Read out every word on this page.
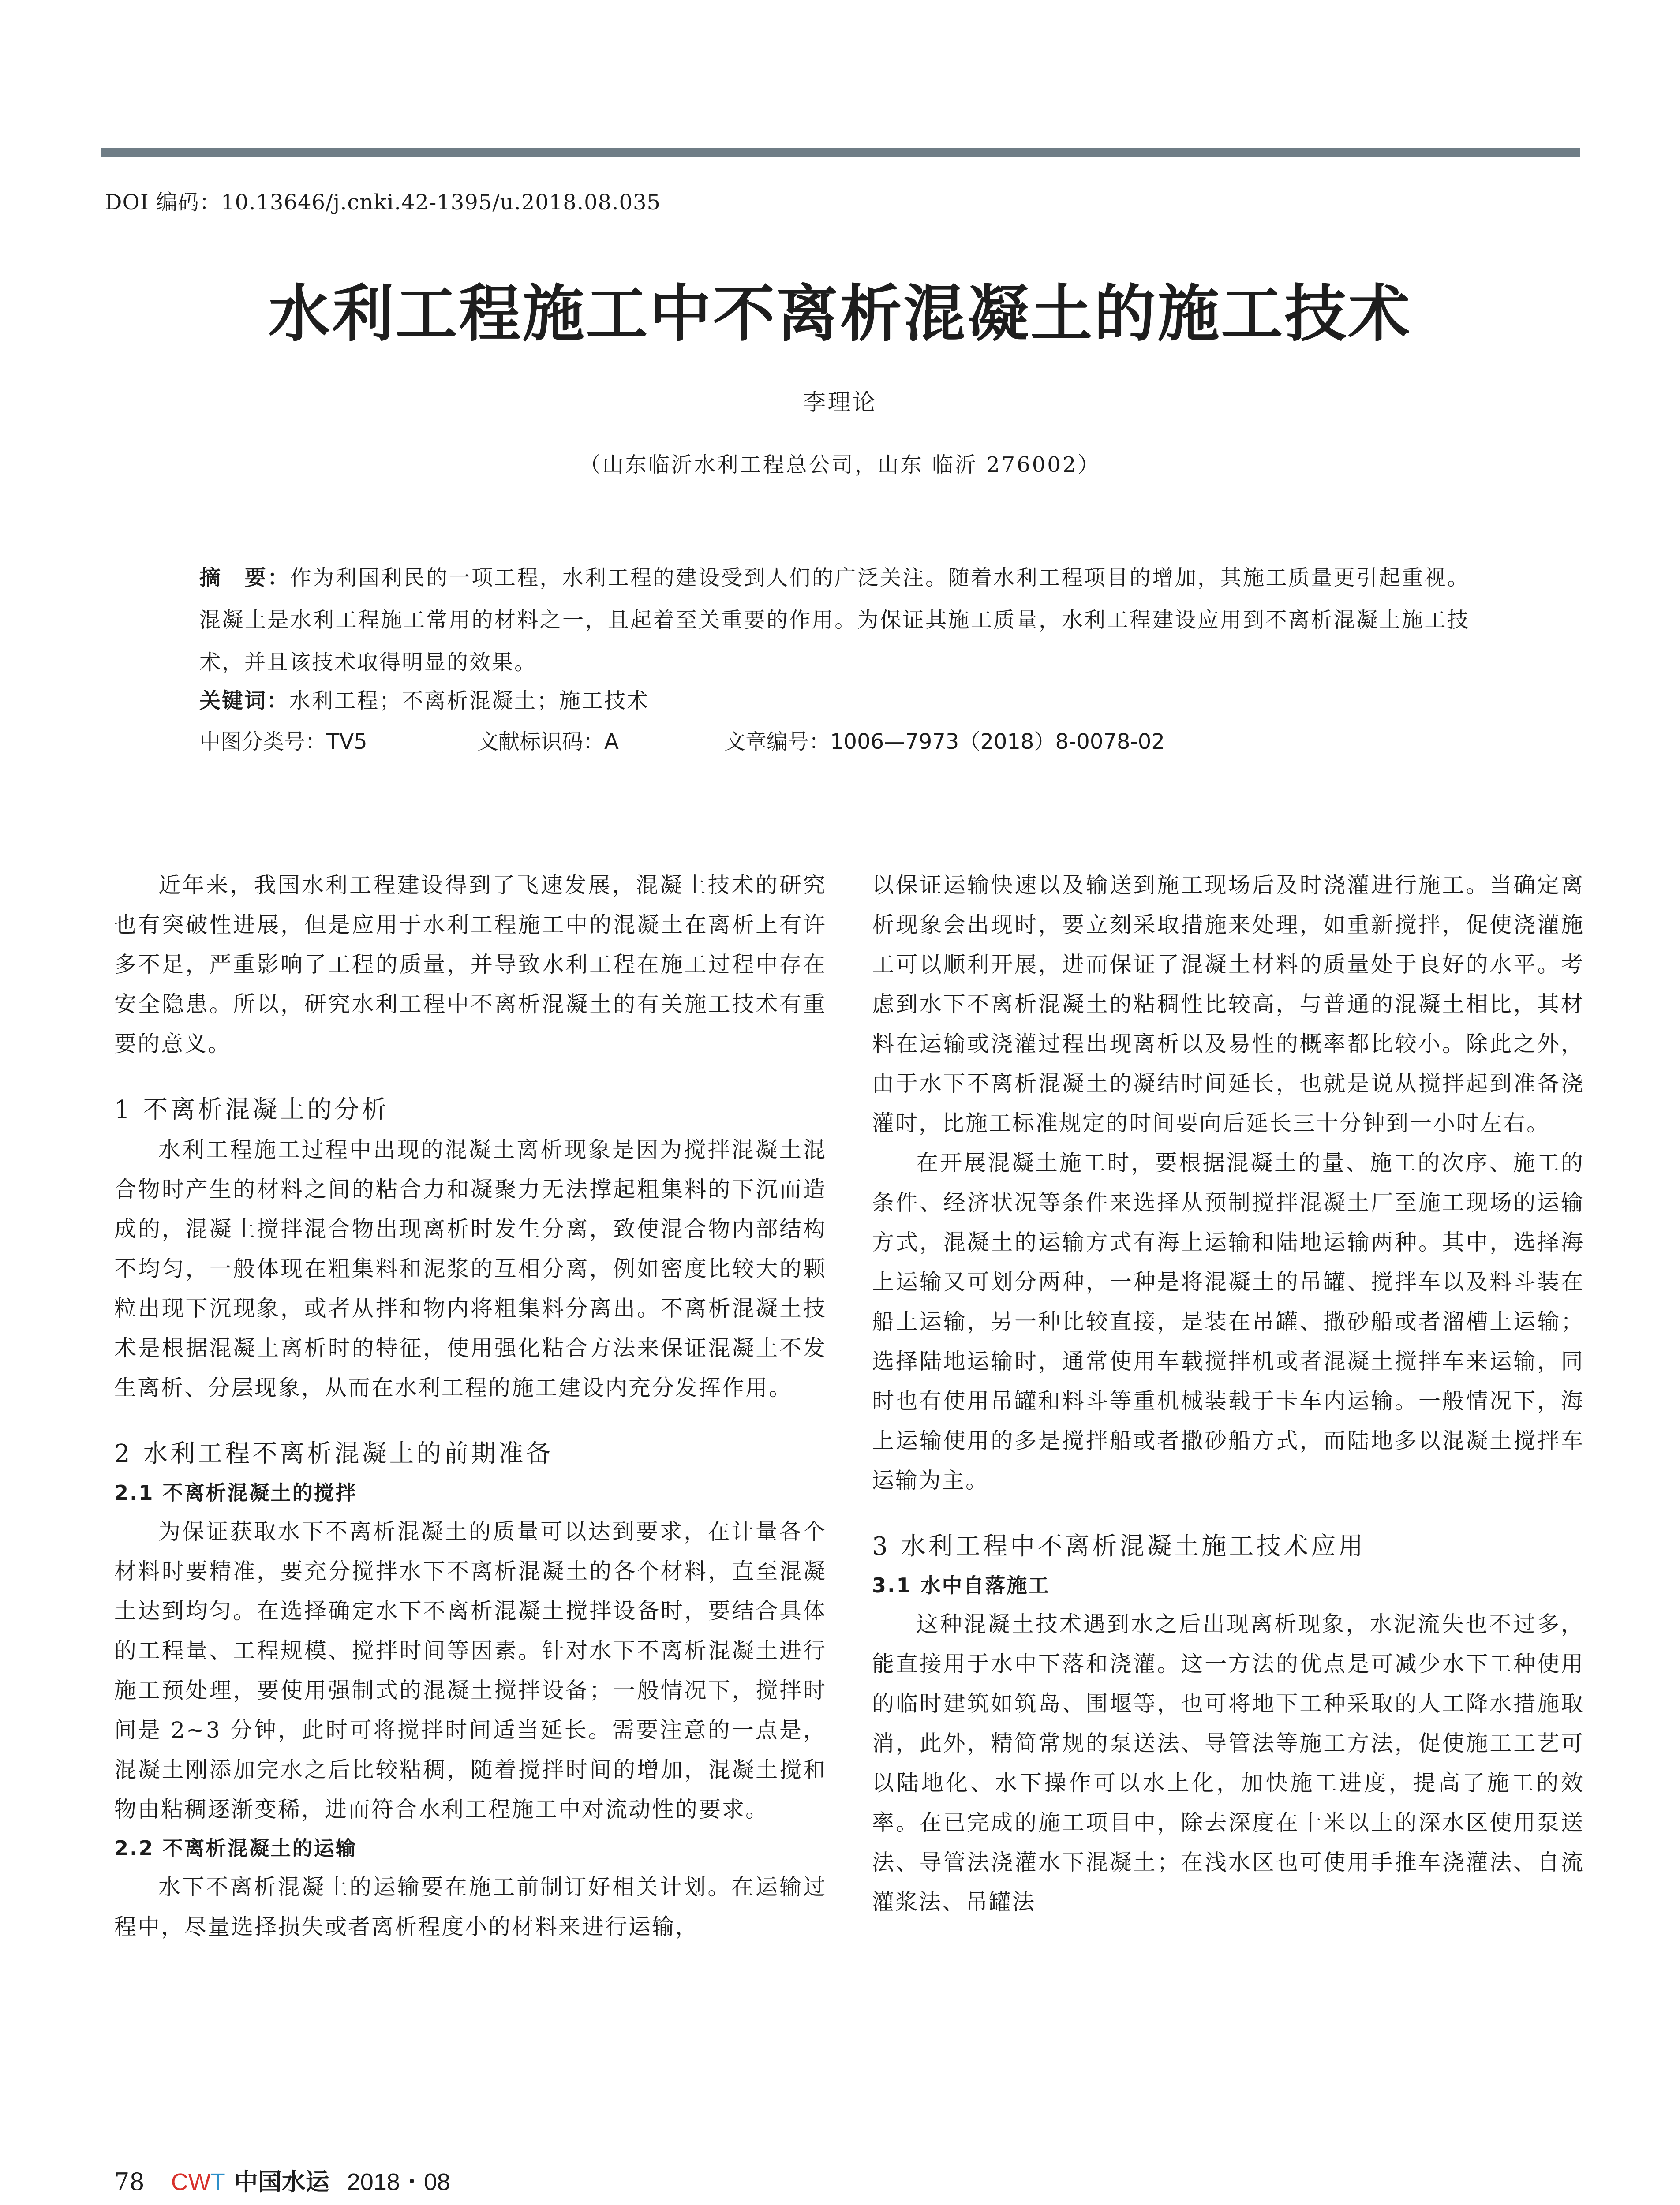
DOI 编码：10.13646/j.cnki.42-1395/u.2018.08.035
水利工程施工中不离析混凝土的施工技术
李理论
（山东临沂水利工程总公司，山东 临沂 276002）
摘　要：作为利国利民的一项工程，水利工程的建设受到人们的广泛关注。随着水利工程项目的增加，其施工质量更引起重视。混凝土是水利工程施工常用的材料之一，且起着至关重要的作用。为保证其施工质量，水利工程建设应用到不离析混凝土施工技术，并且该技术取得明显的效果。
关键词：水利工程；不离析混凝土；施工技术
中图分类号：TV5	文献标识码：A	文章编号：1006—7973（2018）8-0078-02

近年来，我国水利工程建设得到了飞速发展，混凝土技术的研究也有突破性进展，但是应用于水利工程施工中的混凝土在离析上有许多不足，严重影响了工程的质量，并导致水利工程在施工过程中存在安全隐患。所以，研究水利工程中不离析混凝土的有关施工技术有重要的意义。

1 不离析混凝土的分析

水利工程施工过程中出现的混凝土离析现象是因为搅拌混凝土混合物时产生的材料之间的粘合力和凝聚力无法撑起粗集料的下沉而造成的，混凝土搅拌混合物出现离析时发生分离，致使混合物内部结构不均匀，一般体现在粗集料和泥浆的互相分离，例如密度比较大的颗粒出现下沉现象，或者从拌和物内将粗集料分离出。不离析混凝土技术是根据混凝土离析时的特征，使用强化粘合方法来保证混凝土不发生离析、分层现象，从而在水利工程的施工建设内充分发挥作用。

2 水利工程不离析混凝土的前期准备
2.1 不离析混凝土的搅拌

为保证获取水下不离析混凝土的质量可以达到要求，在计量各个材料时要精准，要充分搅拌水下不离析混凝土的各个材料，直至混凝土达到均匀。在选择确定水下不离析混凝土搅拌设备时，要结合具体的工程量、工程规模、搅拌时间等因素。针对水下不离析混凝土进行施工预处理，要使用强制式的混凝土搅拌设备；一般情况下，搅拌时间是 2~3 分钟，此时可将搅拌时间适当延长。需要注意的一点是，混凝土刚添加完水之后比较粘稠，随着搅拌时间的增加，混凝土搅和物由粘稠逐渐变稀，进而符合水利工程施工中对流动性的要求。

2.2 不离析混凝土的运输

水下不离析混凝土的运输要在施工前制订好相关计划。在运输过程中，尽量选择损失或者离析程度小的材料来进行运输，

以保证运输快速以及输送到施工现场后及时浇灌进行施工。当确定离析现象会出现时，要立刻采取措施来处理，如重新搅拌，促使浇灌施工可以顺利开展，进而保证了混凝土材料的质量处于良好的水平。考虑到水下不离析混凝土的粘稠性比较高，与普通的混凝土相比，其材料在运输或浇灌过程出现离析以及易性的概率都比较小。除此之外，由于水下不离析混凝土的凝结时间延长，也就是说从搅拌起到准备浇灌时，比施工标准规定的时间要向后延长三十分钟到一小时左右。

在开展混凝土施工时，要根据混凝土的量、施工的次序、施工的条件、经济状况等条件来选择从预制搅拌混凝土厂至施工现场的运输方式，混凝土的运输方式有海上运输和陆地运输两种。其中，选择海上运输又可划分两种，一种是将混凝土的吊罐、搅拌车以及料斗装在船上运输，另一种比较直接，是装在吊罐、撒砂船或者溜槽上运输；选择陆地运输时，通常使用车载搅拌机或者混凝土搅拌车来运输，同时也有使用吊罐和料斗等重机械装载于卡车内运输。一般情况下，海上运输使用的多是搅拌船或者撒砂船方式，而陆地多以混凝土搅拌车运输为主。

3 水利工程中不离析混凝土施工技术应用
3.1 水中自落施工

这种混凝土技术遇到水之后出现离析现象，水泥流失也不过多，能直接用于水中下落和浇灌。这一方法的优点是可减少水下工种使用的临时建筑如筑岛、围堰等，也可将地下工种采取的人工降水措施取消，此外，精简常规的泵送法、导管法等施工方法，促使施工工艺可以陆地化、水下操作可以水上化，加快施工进度，提高了施工的效率。在已完成的施工项目中，除去深度在十米以上的深水区使用泵送法、导管法浇灌水下混凝土；在浅水区也可使用手推车浇灌法、自流灌浆法、吊罐法

78 CWT 中国水运 2018・08
